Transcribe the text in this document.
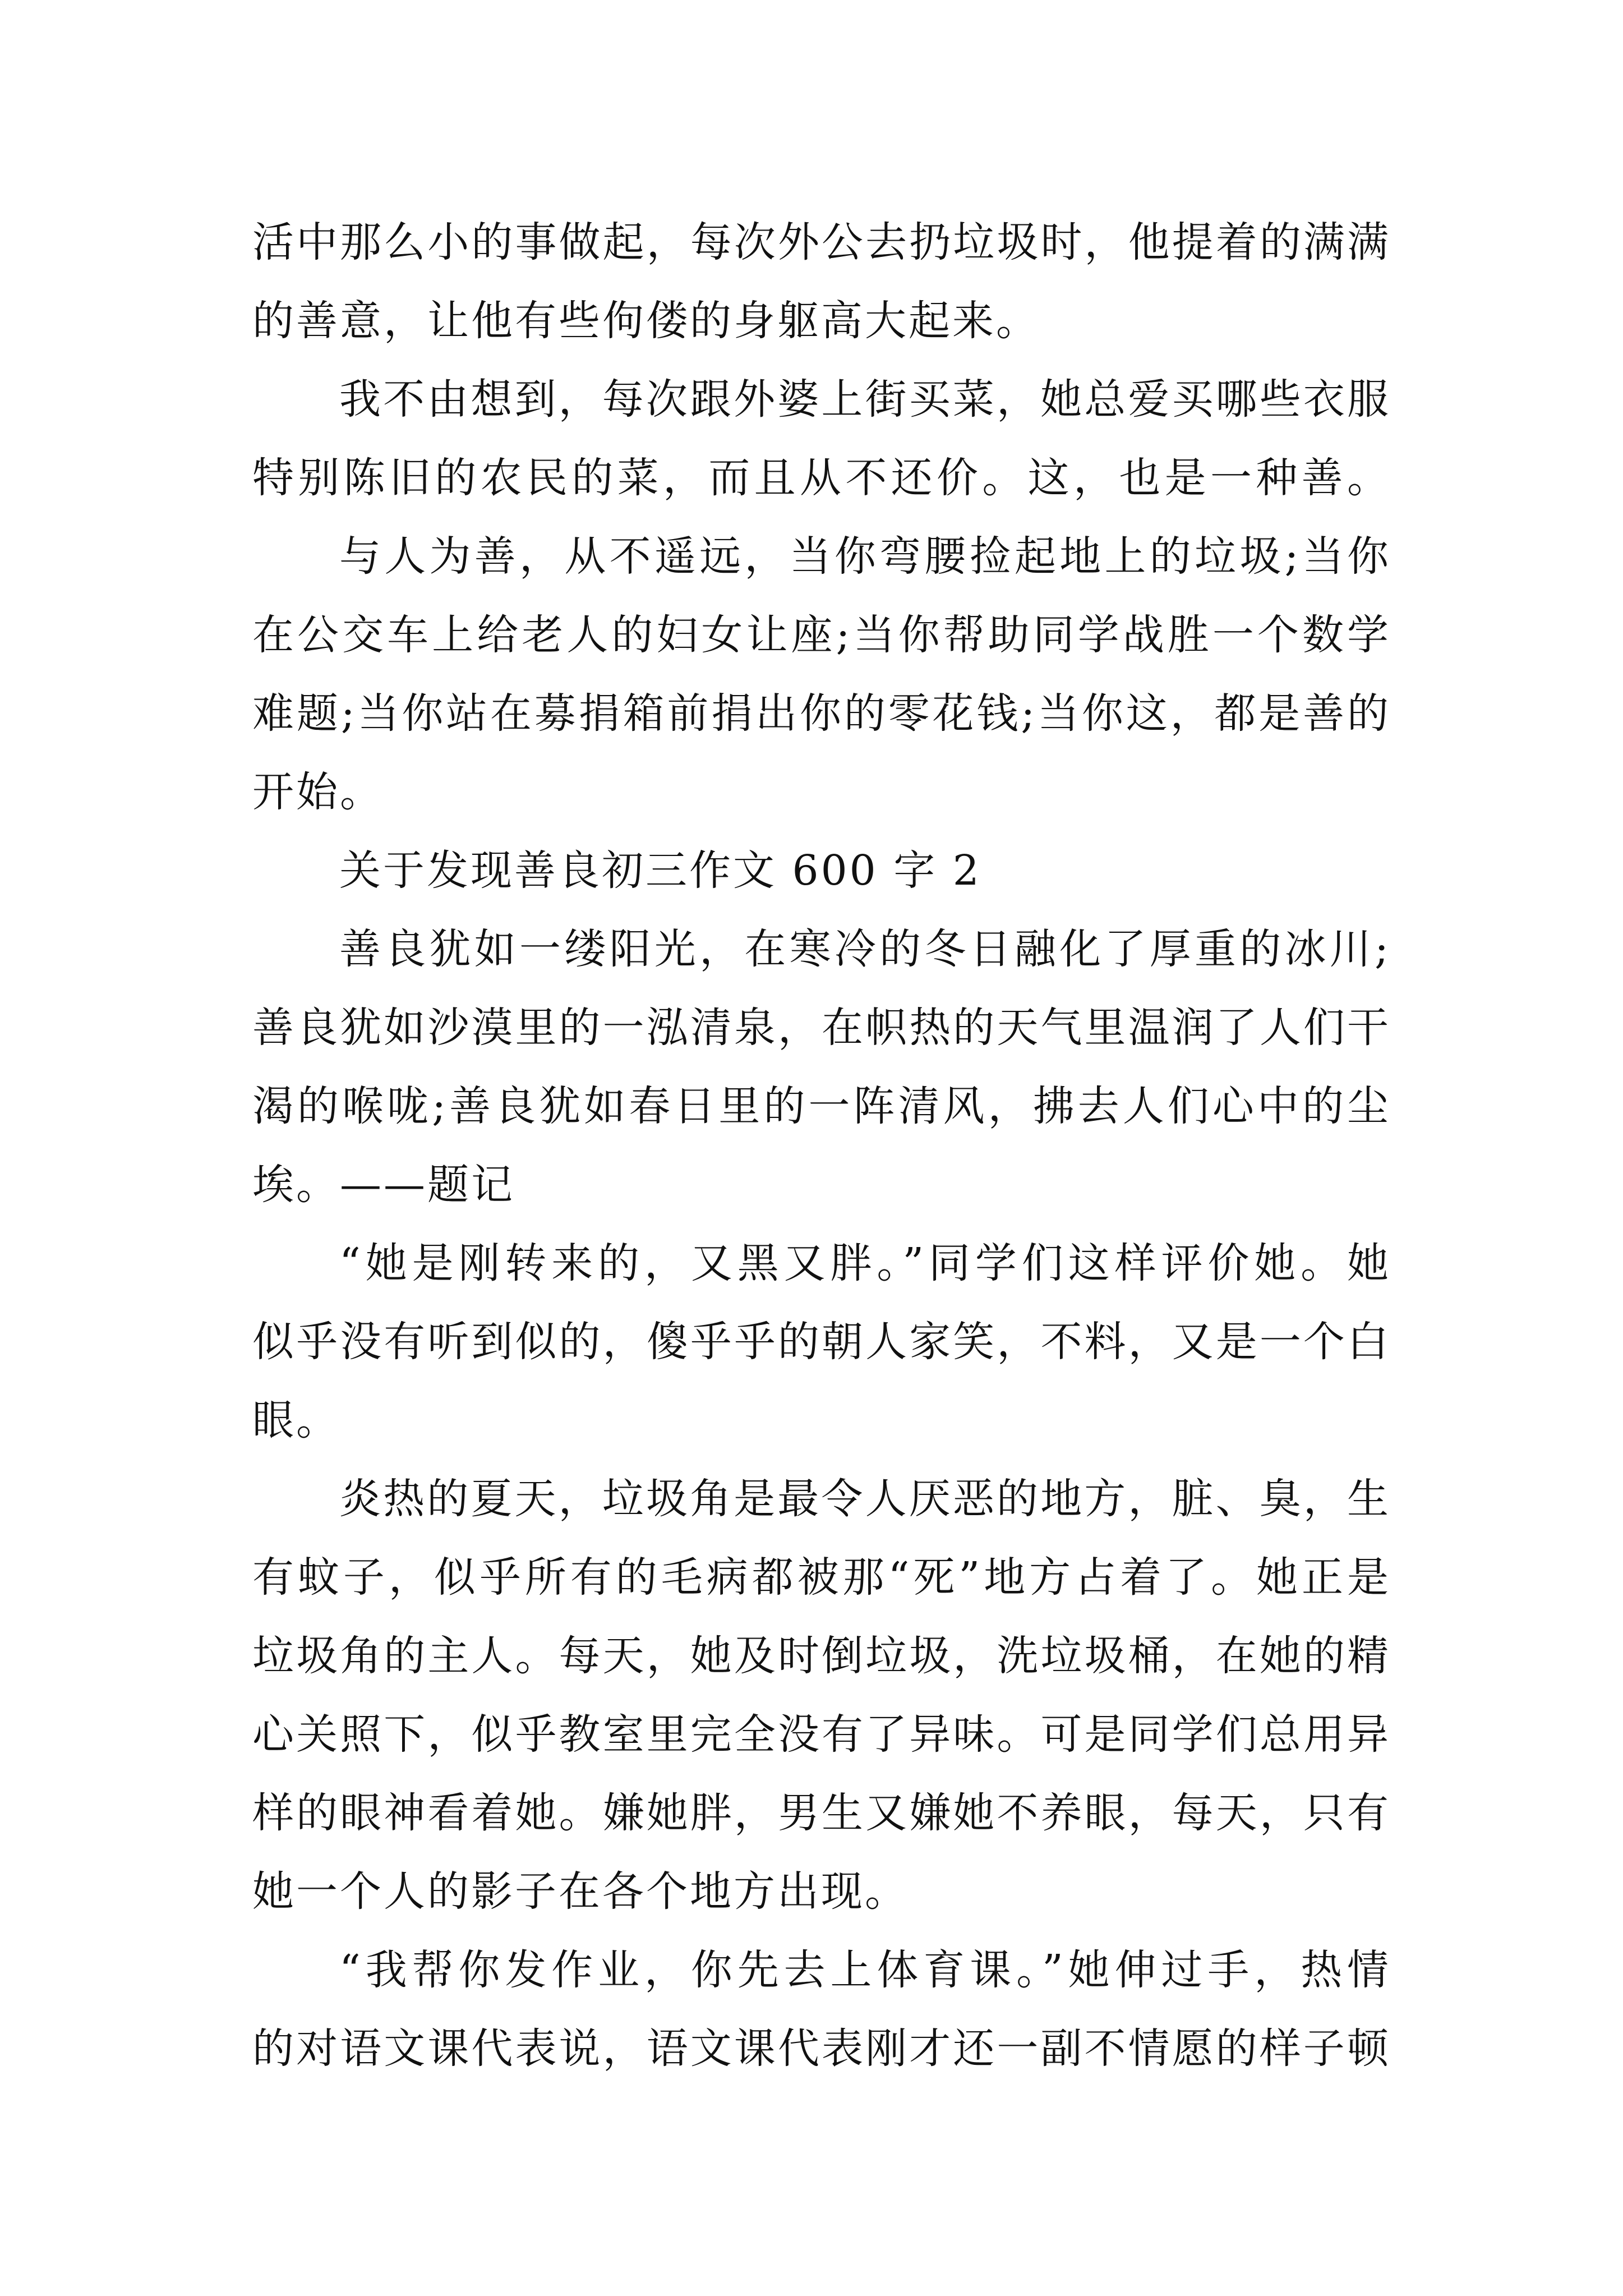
活中那么小的事做起，每次外公去扔垃圾时，他提着的满满
的善意，让他有些佝偻的身躯高大起来。
我不由想到，每次跟外婆上街买菜，她总爱买哪些衣服
特别陈旧的农民的菜，而且从不还价。这，也是一种善。
与人为善，从不遥远，当你弯腰捡起地上的垃圾;当你
在公交车上给老人的妇女让座;当你帮助同学战胜一个数学
难题;当你站在募捐箱前捐出你的零花钱;当你这，都是善的
开始。
关于发现善良初三作文 600 字 2
善良犹如一缕阳光，在寒冷的冬日融化了厚重的冰川;
善良犹如沙漠里的一泓清泉，在帜热的天气里温润了人们干
渴的喉咙;善良犹如春日里的一阵清风，拂去人们心中的尘
埃。——题记
“她是刚转来的，又黑又胖。”同学们这样评价她。她
似乎没有听到似的，傻乎乎的朝人家笑，不料，又是一个白
眼。
炎热的夏天，垃圾角是最令人厌恶的地方，脏、臭，生
有蚊子，似乎所有的毛病都被那“死”地方占着了。她正是
垃圾角的主人。每天，她及时倒垃圾，洗垃圾桶，在她的精
心关照下，似乎教室里完全没有了异味。可是同学们总用异
样的眼神看着她。嫌她胖，男生又嫌她不养眼，每天，只有
她一个人的影子在各个地方出现。
“我帮你发作业，你先去上体育课。”她伸过手，热情
的对语文课代表说，语文课代表刚才还一副不情愿的样子顿
